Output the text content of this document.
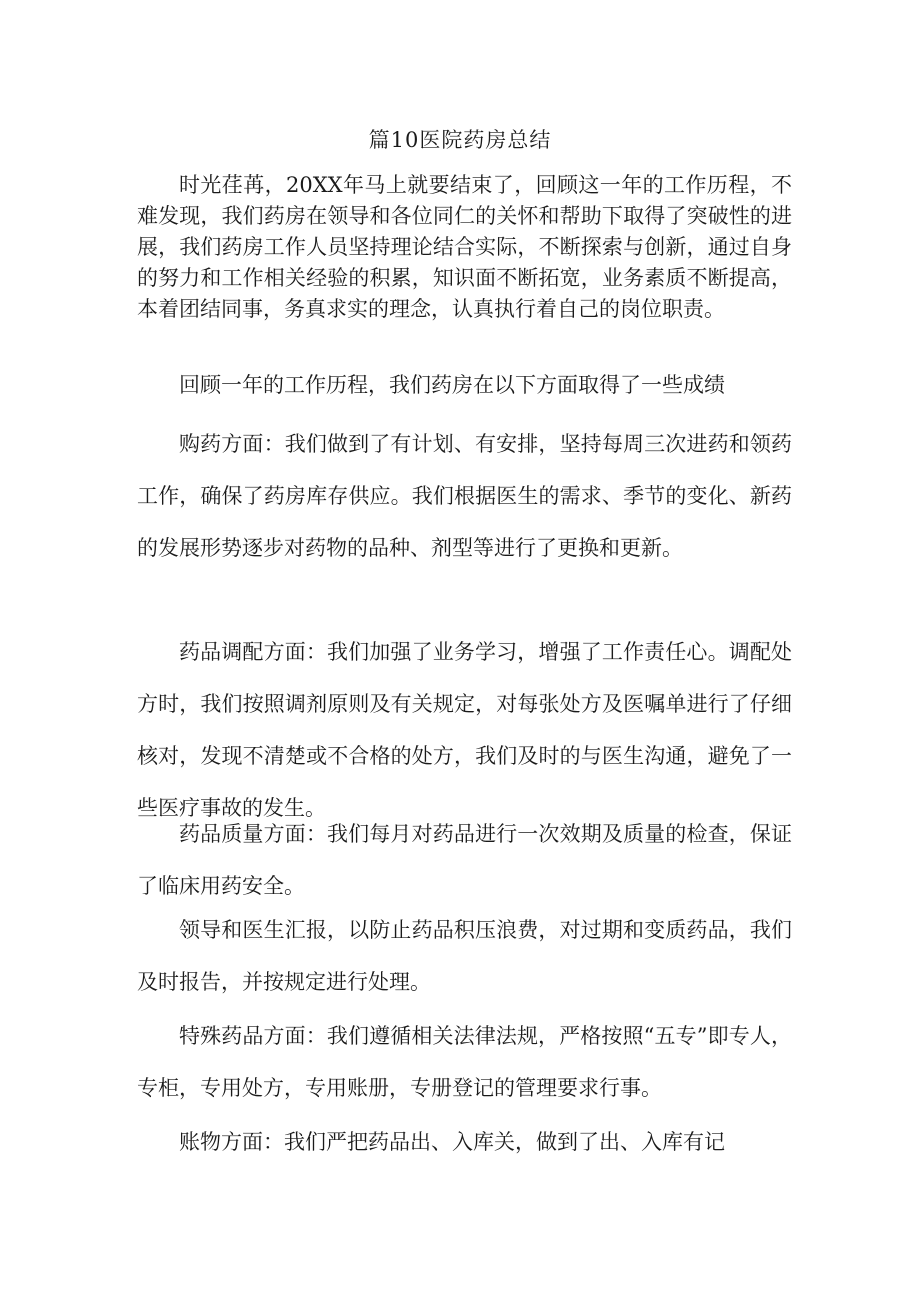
篇10医院药房总结

时光荏苒，20XX年马上就要结束了，回顾这一年的工作历程，不难发现，我们药房在领导和各位同仁的关怀和帮助下取得了突破性的进展，我们药房工作人员坚持理论结合实际，不断探索与创新，通过自身的努力和工作相关经验的积累，知识面不断拓宽，业务素质不断提高，本着团结同事，务真求实的理念，认真执行着自己的岗位职责。

回顾一年的工作历程，我们药房在以下方面取得了一些成绩

购药方面：我们做到了有计划、有安排，坚持每周三次进药和领药工作，确保了药房库存供应。我们根据医生的需求、季节的变化、新药的发展形势逐步对药物的品种、剂型等进行了更换和更新。

药品调配方面：我们加强了业务学习，增强了工作责任心。调配处方时，我们按照调剂原则及有关规定，对每张处方及医嘱单进行了仔细核对，发现不清楚或不合格的处方，我们及时的与医生沟通，避免了一些医疗事故的发生。

药品质量方面：我们每月对药品进行一次效期及质量的检查，保证了临床用药安全。

领导和医生汇报，以防止药品积压浪费，对过期和变质药品，我们及时报告，并按规定进行处理。

特殊药品方面：我们遵循相关法律法规，严格按照“五专”即专人，专柜，专用处方，专用账册，专册登记的管理要求行事。

账物方面：我们严把药品出、入库关，做到了出、入库有记
